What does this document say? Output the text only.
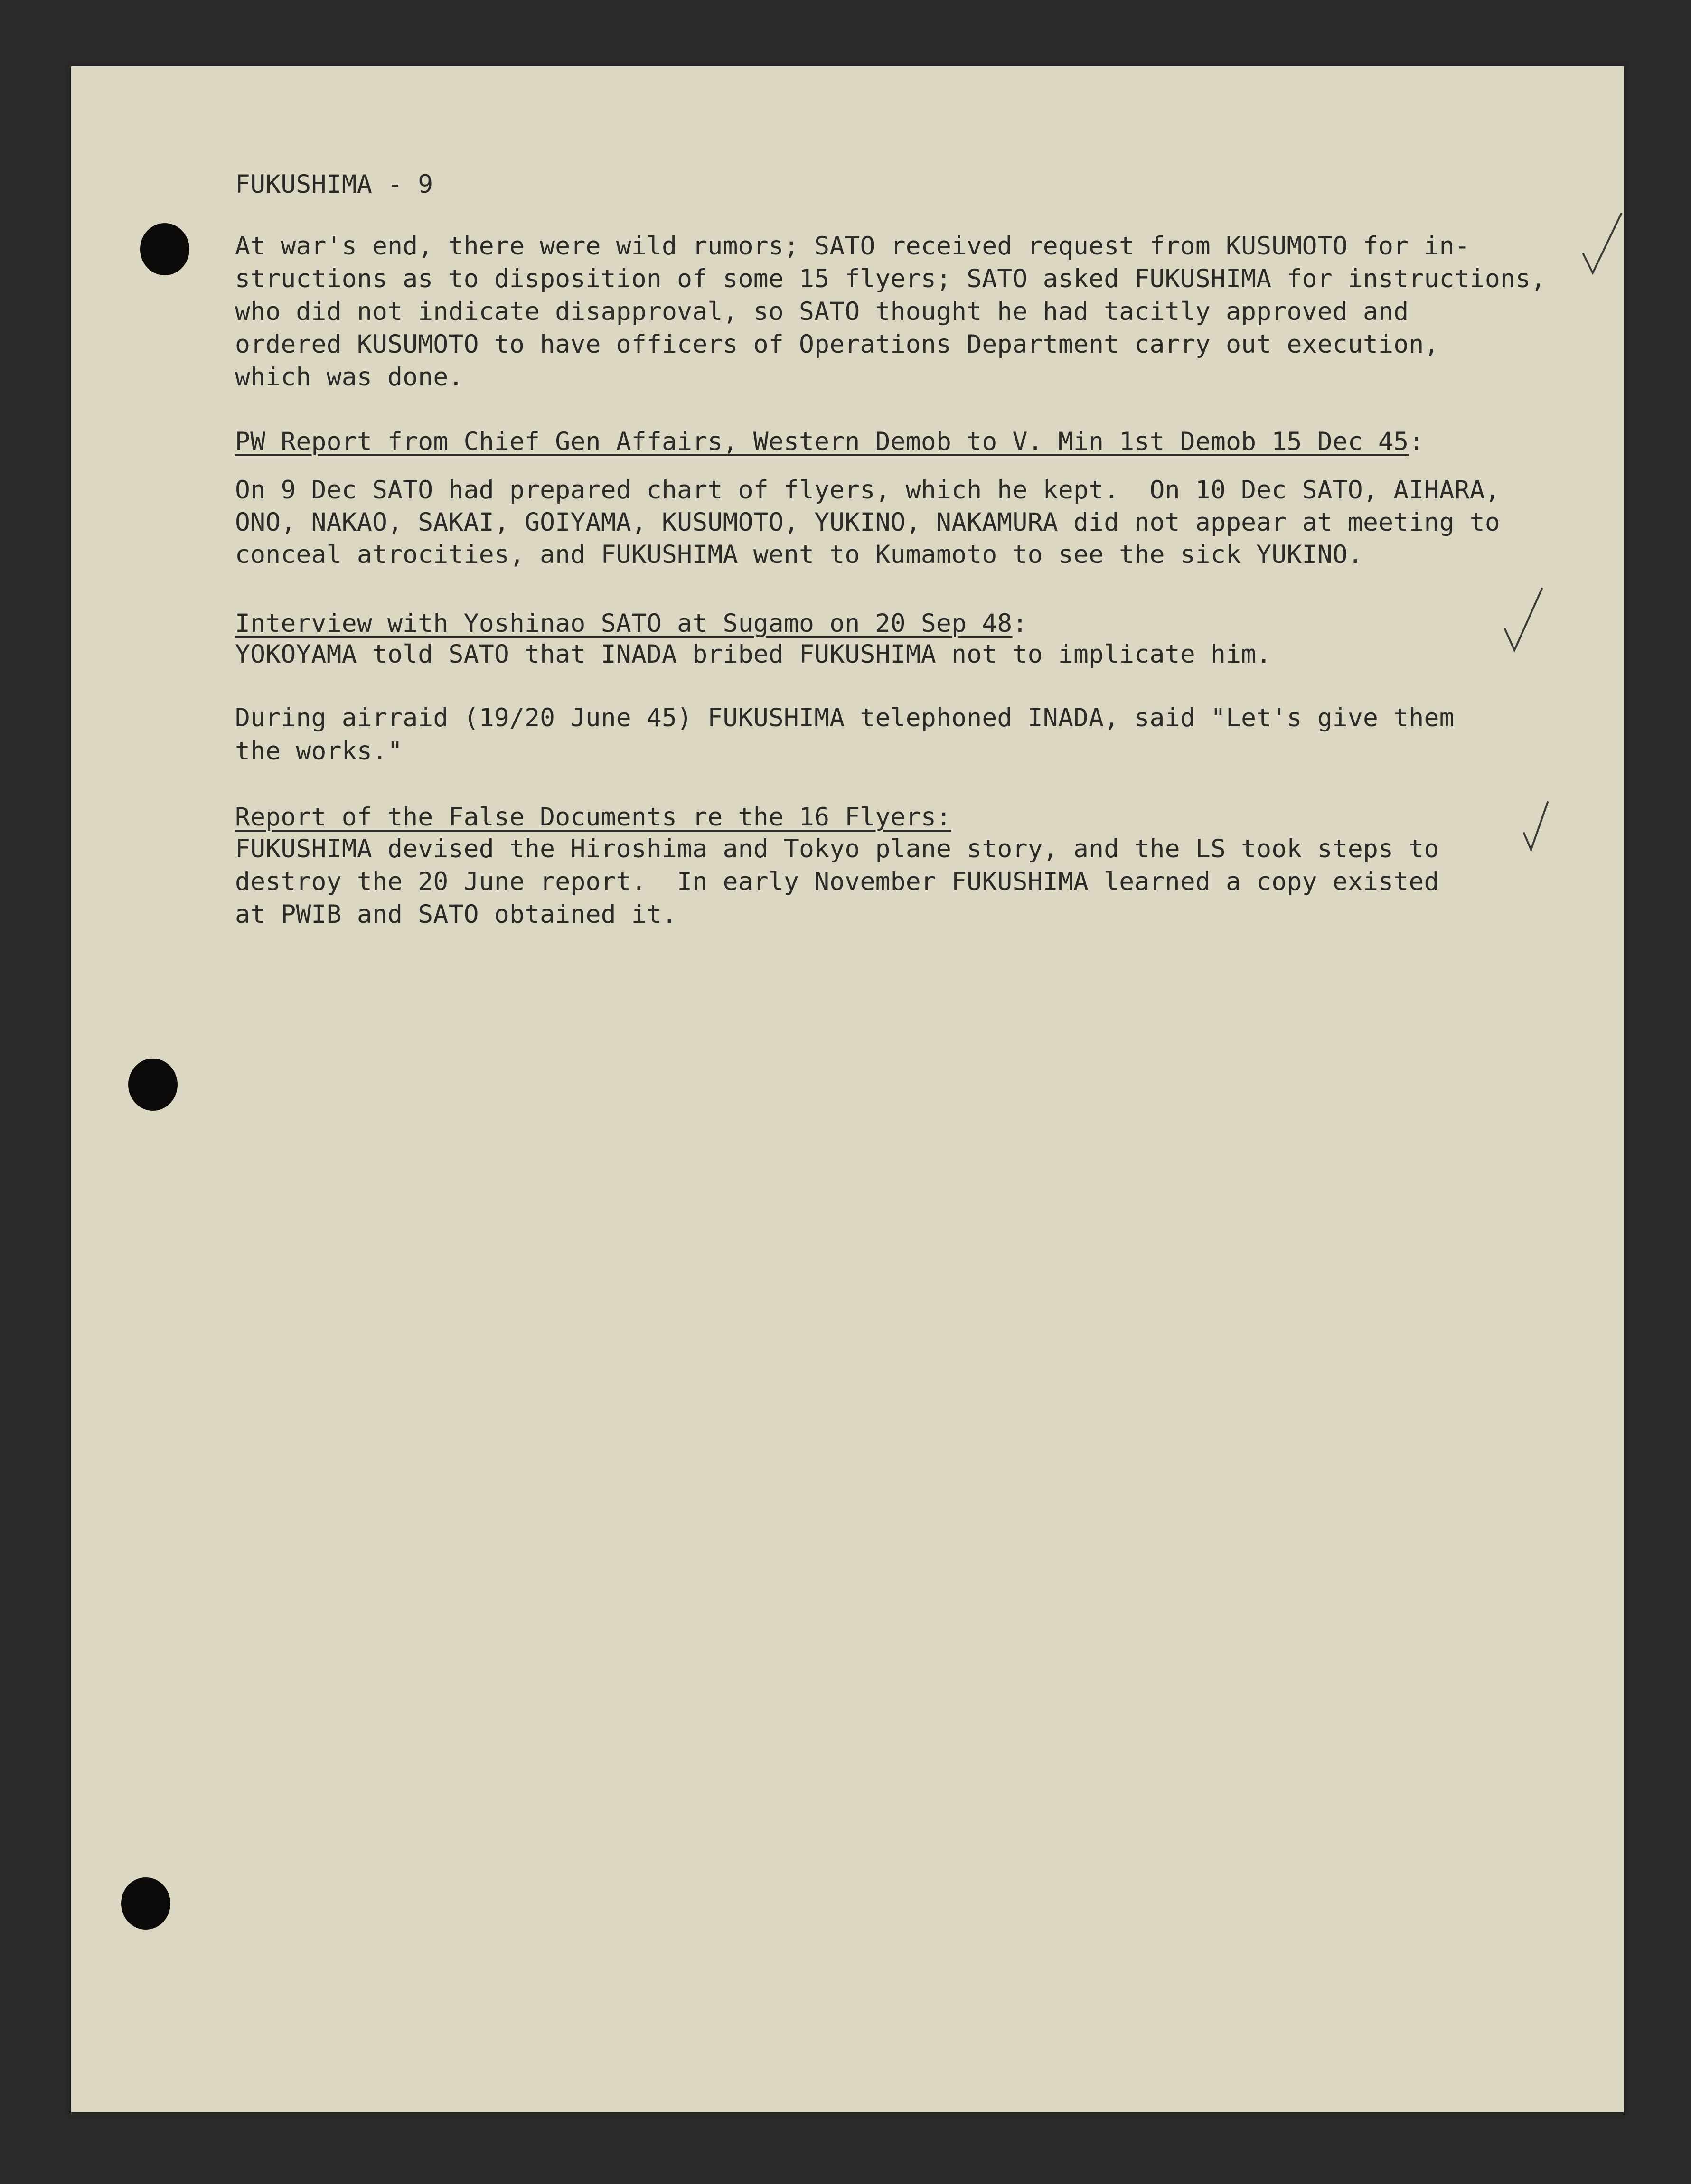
FUKUSHIMA - 9

At war's end, there were wild rumors; SATO received request from KUSUMOTO for in-

structions as to disposition of some 15 flyers; SATO asked FUKUSHIMA for instructions,

who did not indicate disapproval, so SATO thought he had tacitly approved and

ordered KUSUMOTO to have officers of Operations Department carry out execution,

which was done.

PW Report from Chief Gen Affairs, Western Demob to V. Min 1st Demob 15 Dec 45:

On 9 Dec SATO had prepared chart of flyers, which he kept.  On 10 Dec SATO, AIHARA,

ONO, NAKAO, SAKAI, GOIYAMA, KUSUMOTO, YUKINO, NAKAMURA did not appear at meeting to

conceal atrocities, and FUKUSHIMA went to Kumamoto to see the sick YUKINO.

Interview with Yoshinao SATO at Sugamo on 20 Sep 48:

YOKOYAMA told SATO that INADA bribed FUKUSHIMA not to implicate him.

During airraid (19/20 June 45) FUKUSHIMA telephoned INADA, said "Let's give them

the works."

Report of the False Documents re the 16 Flyers:

FUKUSHIMA devised the Hiroshima and Tokyo plane story, and the LS took steps to

destroy the 20 June report.  In early November FUKUSHIMA learned a copy existed

at PWIB and SATO obtained it.
